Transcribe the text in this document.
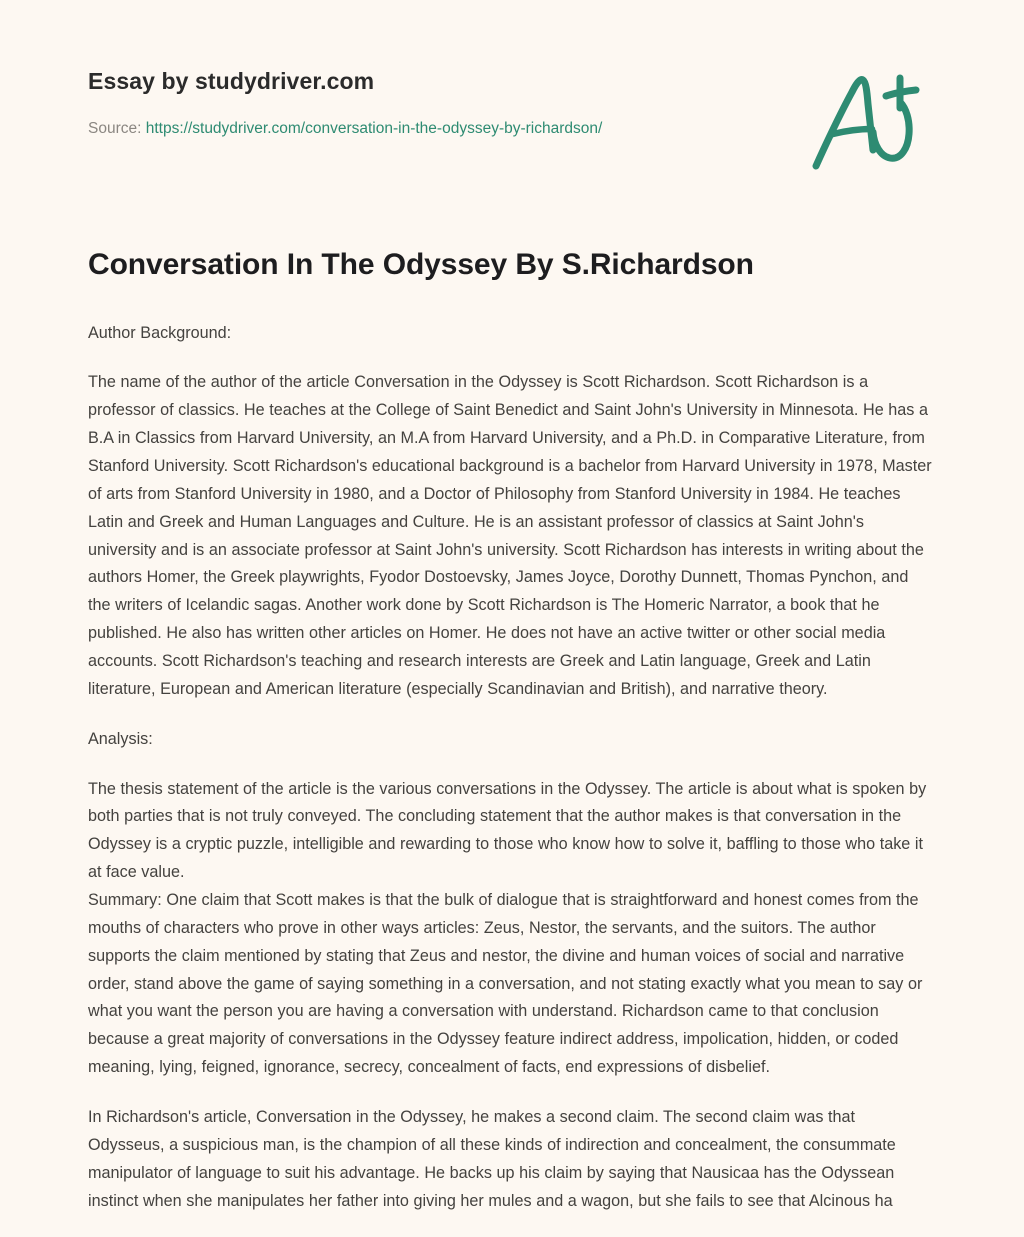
Essay by studydriver.com
Source: https://studydriver.com/conversation-in-the-odyssey-by-richardson/
Conversation In The Odyssey By S.Richardson

Author Background:

The name of the author of the article Conversation in the Odyssey is Scott Richardson. Scott Richardson is a professor of classics. He teaches at the College of Saint Benedict and Saint John's University in Minnesota. He has a B.A in Classics from Harvard University, an M.A from Harvard University, and a Ph.D. in Comparative Literature, from Stanford University. Scott Richardson's educational background is a bachelor from Harvard University in 1978, Master of arts from Stanford University in 1980, and a Doctor of Philosophy from Stanford University in 1984. He teaches Latin and Greek and Human Languages and Culture. He is an assistant professor of classics at Saint John's university and is an associate professor at Saint John's university. Scott Richardson has interests in writing about the authors Homer, the Greek playwrights, Fyodor Dostoevsky, James Joyce, Dorothy Dunnett, Thomas Pynchon, and the writers of Icelandic sagas. Another work done by Scott Richardson is The Homeric Narrator, a book that he published. He also has written other articles on Homer. He does not have an active twitter or other social media accounts. Scott Richardson's teaching and research interests are Greek and Latin language, Greek and Latin literature, European and American literature (especially Scandinavian and British), and narrative theory.

Analysis:

The thesis statement of the article is the various conversations in the Odyssey. The article is about what is spoken by both parties that is not truly conveyed. The concluding statement that the author makes is that conversation in the Odyssey is a cryptic puzzle, intelligible and rewarding to those who know how to solve it, baffling to those who take it at face value.

Summary: One claim that Scott makes is that the bulk of dialogue that is straightforward and honest comes from the mouths of characters who prove in other ways articles: Zeus, Nestor, the servants, and the suitors. The author supports the claim mentioned by stating that Zeus and nestor, the divine and human voices of social and narrative order, stand above the game of saying something in a conversation, and not stating exactly what you mean to say or what you want the person you are having a conversation with understand. Richardson came to that conclusion because a great majority of conversations in the Odyssey feature indirect address, impolication, hidden, or coded meaning, lying, feigned, ignorance, secrecy, concealment of facts, end expressions of disbelief.

In Richardson's article, Conversation in the Odyssey, he makes a second claim. The second claim was that Odysseus, a suspicious man, is the champion of all these kinds of indirection and concealment, the consummate manipulator of language to suit his advantage. He backs up his claim by saying that Nausicaa has the Odyssean instinct when she manipulates her father into giving her mules and a wagon, but she fails to see that Alcinous ha
